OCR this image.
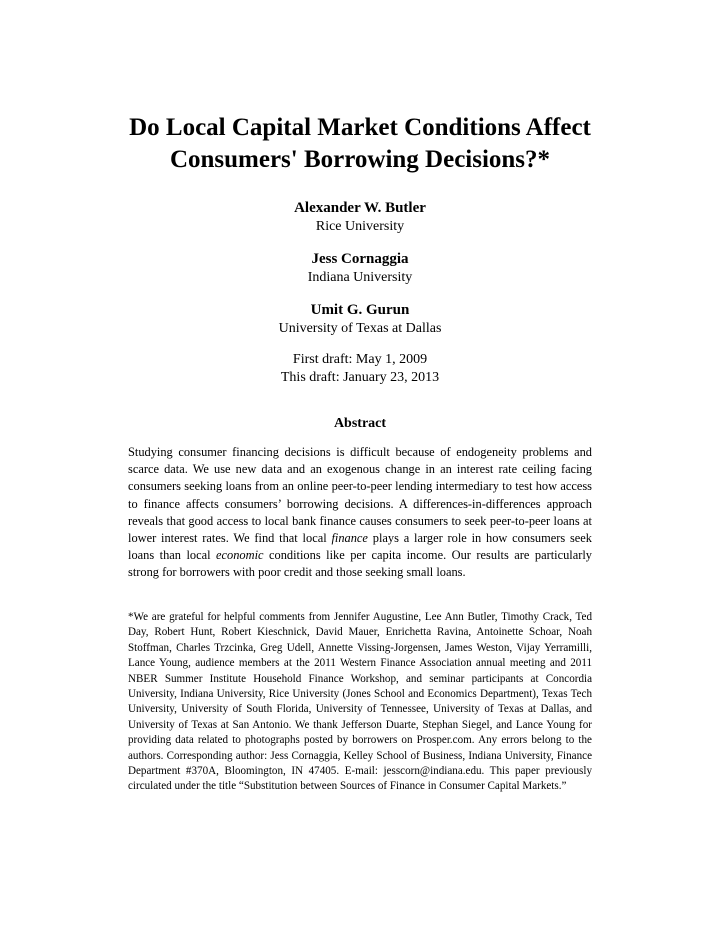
Do Local Capital Market Conditions Affect
Consumers' Borrowing Decisions?*
Alexander W. Butler
Rice University
Jess Cornaggia
Indiana University
Umit G. Gurun
University of Texas at Dallas
First draft: May 1, 2009
This draft: January 23, 2013
Abstract
Studying consumer financing decisions is difficult because of endogeneity problems and scarce data. We use new data and an exogenous change in an interest rate ceiling facing consumers seeking loans from an online peer-to-peer lending intermediary to test how access to finance affects consumers’ borrowing decisions. A differences-in-differences approach reveals that good access to local bank finance causes consumers to seek peer-to-peer loans at lower interest rates. We find that local finance plays a larger role in how consumers seek loans than local economic conditions like per capita income. Our results are particularly strong for borrowers with poor credit and those seeking small loans.
*We are grateful for helpful comments from Jennifer Augustine, Lee Ann Butler, Timothy Crack, Ted Day, Robert Hunt, Robert Kieschnick, David Mauer, Enrichetta Ravina, Antoinette Schoar, Noah Stoffman, Charles Trzcinka, Greg Udell, Annette Vissing-Jorgensen, James Weston, Vijay Yerramilli, Lance Young, audience members at the 2011 Western Finance Association annual meeting and 2011 NBER Summer Institute Household Finance Workshop, and seminar participants at Concordia University, Indiana University, Rice University (Jones School and Economics Department), Texas Tech University, University of South Florida, University of Tennessee, University of Texas at Dallas, and University of Texas at San Antonio. We thank Jefferson Duarte, Stephan Siegel, and Lance Young for providing data related to photographs posted by borrowers on Prosper.com. Any errors belong to the authors. Corresponding author: Jess Cornaggia, Kelley School of Business, Indiana University, Finance Department #370A, Bloomington, IN 47405. E-mail: jesscorn@indiana.edu. This paper previously circulated under the title “Substitution between Sources of Finance in Consumer Capital Markets.”
